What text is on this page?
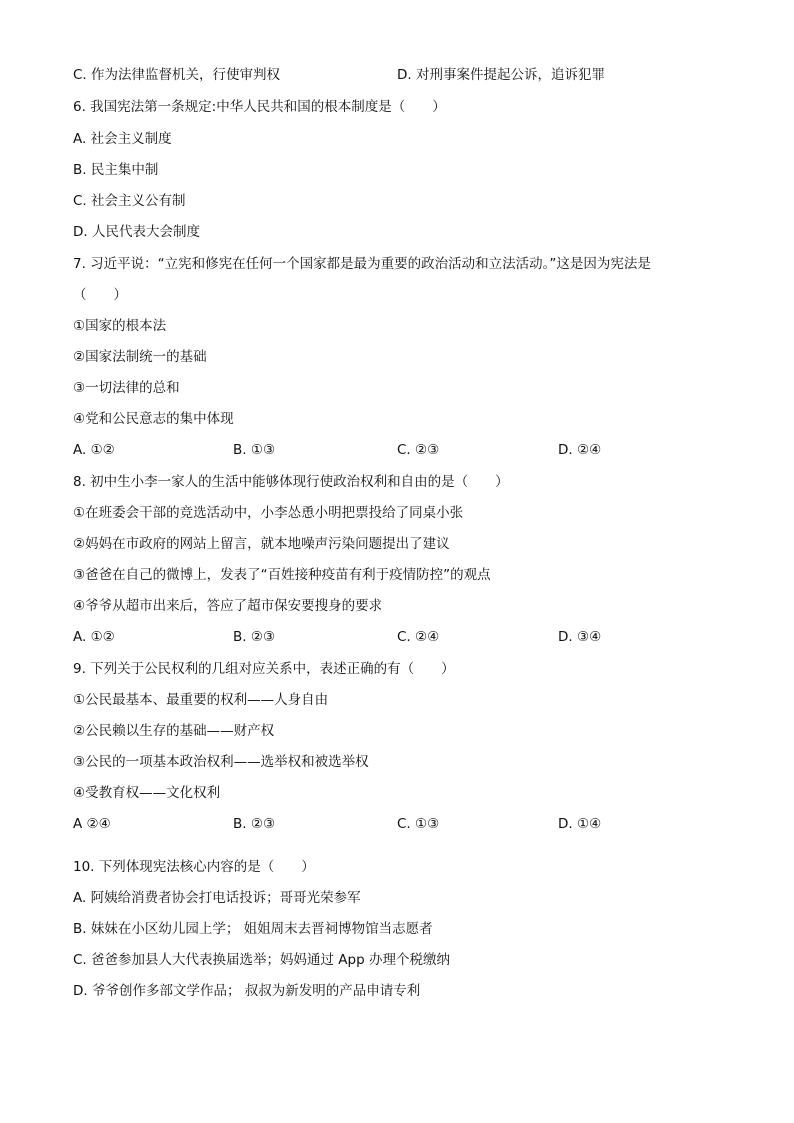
C. 作为法律监督机关，行使审判权	D. 对刑事案件提起公诉，追诉犯罪
6. 我国宪法第一条规定:中华人民共和国的根本制度是（　　）
A. 社会主义制度
B. 民主集中制
C. 社会主义公有制
D. 人民代表大会制度
7. 习近平说：“立宪和修宪在任何一个国家都是最为重要的政治活动和立法活动。”这是因为宪法是
（　　）
①国家的根本法
②国家法制统一的基础
③一切法律的总和
④党和公民意志的集中体现
A. ①②	B. ①③	C. ②③	D. ②④
8. 初中生小李一家人的生活中能够体现行使政治权利和自由的是（　　）
①在班委会干部的竞选活动中，小李怂恿小明把票投给了同桌小张
②妈妈在市政府的网站上留言，就本地噪声污染问题提出了建议
③爸爸在自己的微博上，发表了“百姓接种疫苗有利于疫情防控”的观点
④爷爷从超市出来后，答应了超市保安要搜身的要求
A. ①②	B. ②③	C. ②④	D. ③④
9. 下列关于公民权利的几组对应关系中，表述正确的有（　　）
①公民最基本、最重要的权利——人身自由
②公民赖以生存的基础——财产权
③公民的一项基本政治权利——选举权和被选举权
④受教育权——文化权利
A ②④	B. ②③	C. ①③	D. ①④
10. 下列体现宪法核心内容的是（　　）
A. 阿姨给消费者协会打电话投诉；哥哥光荣参军
B. 妹妹在小区幼儿园上学； 姐姐周末去晋祠博物馆当志愿者
C. 爸爸参加县人大代表换届选举；妈妈通过 App 办理个税缴纳
D. 爷爷创作多部文学作品； 叔叔为新发明的产品申请专利
